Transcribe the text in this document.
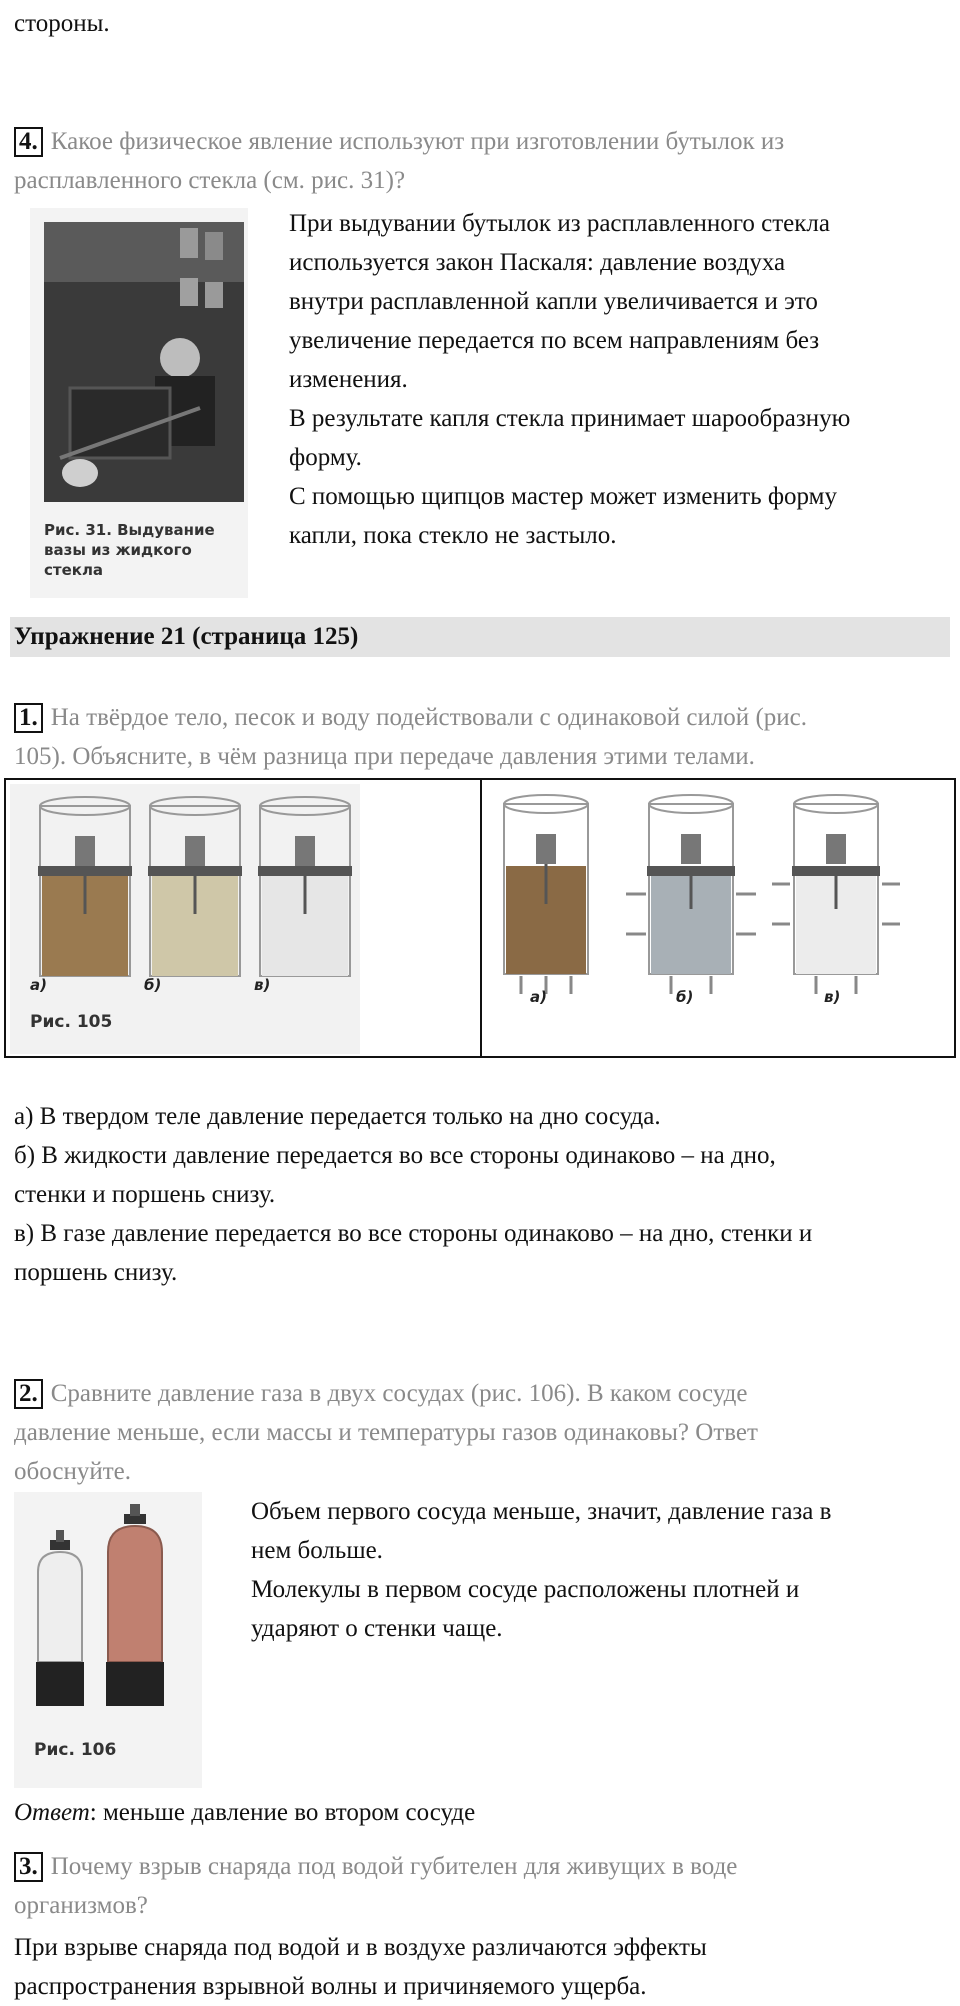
стороны.
4. Какое физическое явление используют при изготовлении бутылок из
расплавленного стекла (см. рис. 31)?
Рис. 31. Выдувание
вазы из жидкого
стекла
При выдувании бутылок из расплавленного стекла
используется закон Паскаля: давление воздуха
внутри расплавленной капли увеличивается и это
увеличение передается по всем направлениям без
изменения.
В результате капля стекла принимает шарообразную
форму.
С помощью щипцов мастер может изменить форму
капли, пока стекло не застыло.
Упражнение 21 (страница 125)
1. На твёрдое тело, песок и воду подействовали с одинаковой силой (рис.
105). Объясните, в чём разница при передаче давления этими телами.
а)	б)	в)
Рис. 105
а)	б)	в)
а) В твердом теле давление передается только на дно сосуда.
б) В жидкости давление передается во все стороны одинаково – на дно,
стенки и поршень снизу.
в) В газе давление передается во все стороны одинаково – на дно, стенки и
поршень снизу.
2. Сравните давление газа в двух сосудах (рис. 106). В каком сосуде
давление меньше, если массы и температуры газов одинаковы? Ответ
обоснуйте.
Рис. 106
Объем первого сосуда меньше, значит, давление газа в
нем больше.
Молекулы в первом сосуде расположены плотней и
ударяют о стенки чаще.
Ответ: меньше давление во втором сосуде
3. Почему взрыв снаряда под водой губителен для живущих в воде
организмов?
При взрыве снаряда под водой и в воздухе различаются эффекты
распространения взрывной волны и причиняемого ущерба.
